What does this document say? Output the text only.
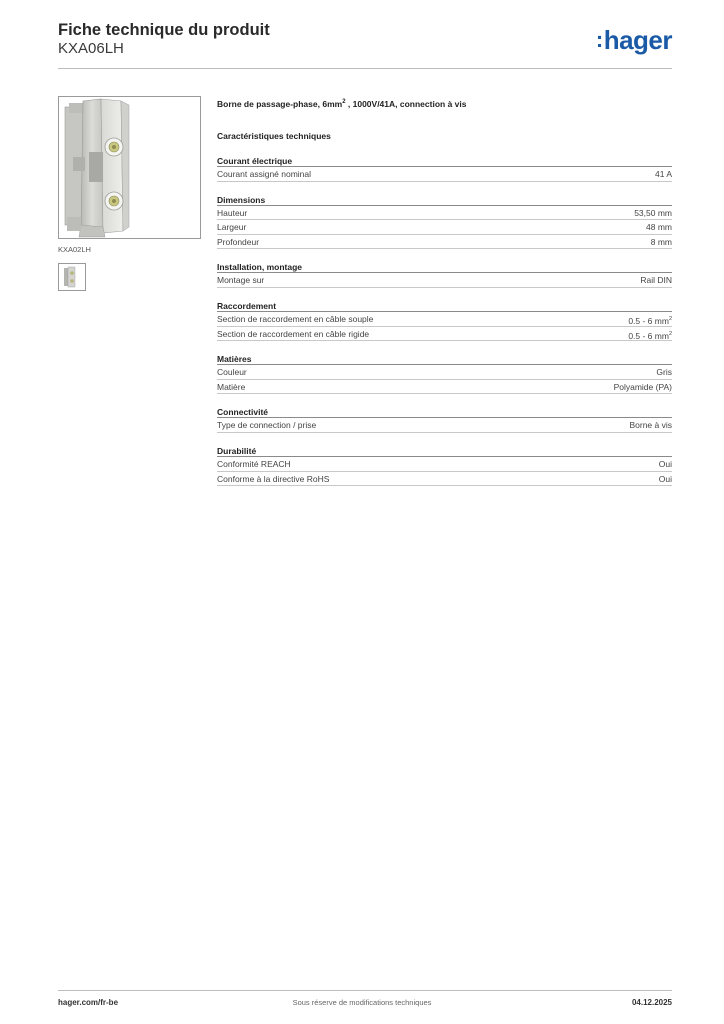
Fiche technique du produit
KXA06LH	: hager
KXA02LH
Borne de passage-phase, $6mm^2$ , 1000V/41A, connection à vis
Caractéristiques techniques
Courant électrique
Courant assigné nominal	41 A
Dimensions
Hauteur	53,50 mm
Largeur	48 mm
Profondeur	8 mm
Installation, montage
Montage sur	Rail DIN
Raccordement
Section de raccordement en câble souple	0.5 - 6 $mm^2$
Section de raccordement en câble rigide	0.5 - 6 $mm^2$
Matières
Couleur	Gris
Matière	Polyamide (PA)
Connectivité
Type de connection / prise	Borne à vis
Durabilité
Conformité REACH	Oui
Conforme à la directive RoHS	Oui
hager.com/fr-be	Sous réserve de modifications techniques	04.12.2025
